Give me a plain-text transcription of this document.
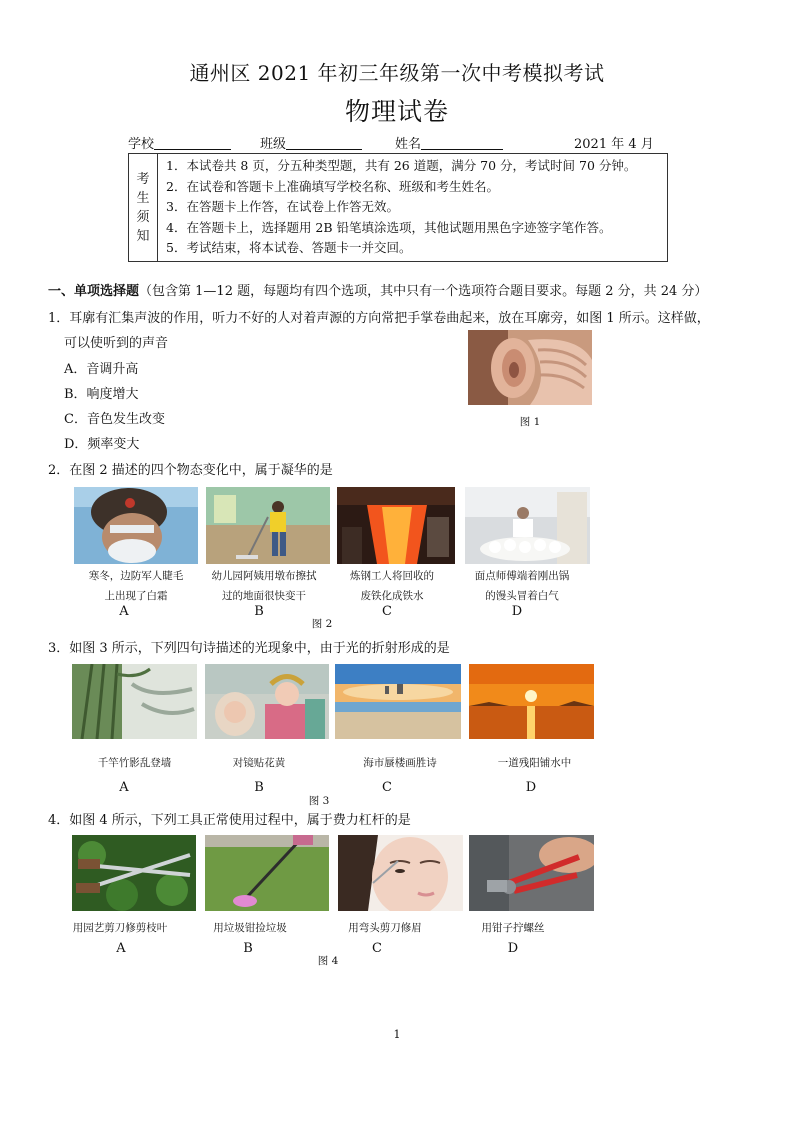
通州区 2021 年初三年级第一次中考模拟考试
物理试卷
学校	班级	姓名	2021 年 4 月
考
生
须
知

1．本试卷共 8 页，分五种类型题，共有 26 道题，满分 70 分，考试时间 70 分钟。
2．在试卷和答题卡上准确填写学校名称、班级和考生姓名。
3．在答题卡上作答，在试卷上作答无效。
4．在答题卡上，选择题用 2B 铅笔填涂选项，其他试题用黑色字迹签字笔作答。
5．考试结束，将本试卷、答题卡一并交回。
一、单项选择题（包含第 1—12 题，每题均有四个选项，其中只有一个选项符合题目要求。每题 2 分，共 24 分）
1．耳廓有汇集声波的作用，听力不好的人对着声源的方向常把手掌卷曲起来，放在耳廓旁，如图 1 所示。这样做，
可以使听到的声音
A．音调升高
B．响度增大
C．音色发生改变
D．频率变大
图 1
2．在图 2 描述的四个物态变化中，属于凝华的是
寒冬，边防军人睫毛
上出现了白霜
幼儿园阿姨用墩布擦拭
过的地面很快变干
炼钢工人将回收的
废铁化成铁水
面点师傅端着刚出锅
的馒头冒着白气
A	B	C	D
图 2
3．如图 3 所示，下列四句诗描述的光现象中，由于光的折射形成的是
千竿竹影乱登墙	对镜贴花黄	海市蜃楼画胜诗	一道残阳铺水中
A	B	C	D
图 3
4．如图 4 所示，下列工具正常使用过程中，属于费力杠杆的是
用园艺剪刀修剪枝叶	用垃圾钳捡垃圾	用弯头剪刀修眉	用钳子拧螺丝
A	B	C	D
图 4
1
